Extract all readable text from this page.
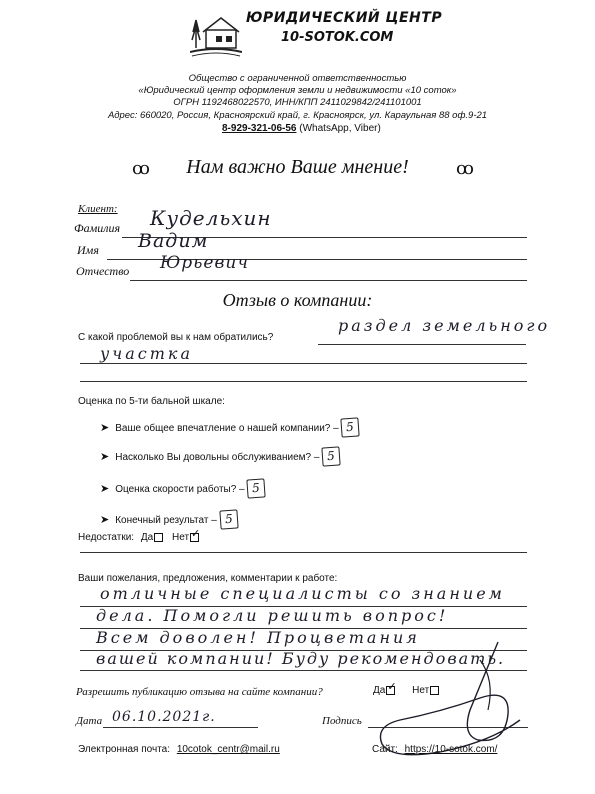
ЮРИДИЧЕСКИЙ ЦЕНТР
10-SOTOK.COM
Общество с ограниченной ответственностью
«Юридический центр оформления земли и недвижимости «10 соток»
ОГРН 1192468022570, ИНН/КПП 2411029842/241101001
Адрес: 660020, Россия, Красноярский край, г. Красноярск, ул. Караульная 88 оф.9-21
8-929-321-06-56 (WhatsApp, Viber)
ꝏ	Нам важно Ваше мнение!	ꝏ
Клиент:
Фамилия Кудельхин
Имя Вадим
Отчество Юрьевич
Отзыв о компании:
С какой проблемой вы к нам обратились?
раздел земельного
участка
Оценка по 5-ти бальной шкале:
➤ Ваше общее впечатление о нашей компании? – 5
➤ Насколько Вы довольны обслуживанием? – 5
➤ Оценка скорости работы? – 5
➤ Конечный результат – 5
Недостатки: Да Нет ✓
Ваши пожелания, предложения, комментарии к работе:
отличные специалисты со знанием
дела. Помогли решить вопрос!
Всем доволен! Процветания
вашей компании! Буду рекомендовать.
Разрешить публикацию отзыва на сайте компании?	Да ✓ Нет
Дата 06.10.2021г.	Подпись
Электронная почта: 10cotok_centr@mail.ru	Сайт: https://10-sotok.com/
